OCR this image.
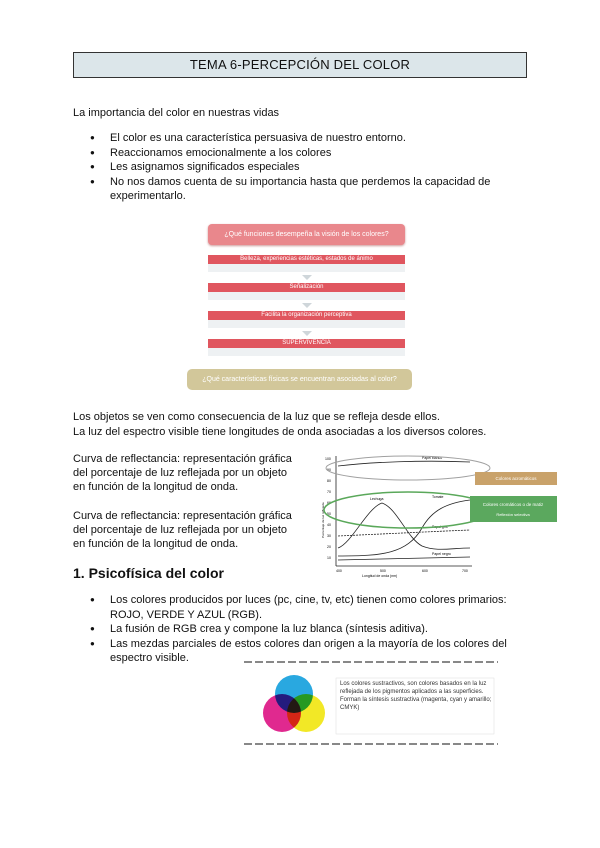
TEMA 6-PERCEPCIÓN DEL COLOR
La importancia del color en nuestras vidas
● El color es una característica persuasiva de nuestro entorno.
● Reaccionamos emocionalmente a los colores
● Les asignamos significados especiales
● No nos damos cuenta de su importancia hasta que perdemos la capacidad de experimentarlo.
¿Qué funciones desempeña la visión de los colores?
Belleza, experiencias estéticas, estados de ánimo
Señalización
Facilita la organización perceptiva
SUPERVIVENCIA
¿Qué características físicas se encuentran asociadas al color?
Los objetos se ven como consecuencia de la luz que se refleja desde ellos.
La luz del espectro visible tiene longitudes de onda asociadas a los diversos colores.
Curva de reflectancia: representación gráfica
del porcentaje de luz reflejada por un objeto
en función de la longitud de onda.
Curva de reflectancia: representación gráfica
del porcentaje de luz reflejada por un objeto
en función de la longitud de onda.
100
90
80
70
60
50
40
30
20
10
400	500	600	700
Longitud de onda (nm)
Porcentaje de luz reflejada
Papel blanco
Lechuga	Tomate
Papel gris
Papel negro
Colores acromáticos
Colores cromáticos o de matiz
Reflexión selectiva
1. Psicofísica del color
● Los colores producidos por luces (pc, cine, tv, etc) tienen como colores primarios: ROJO, VERDE Y AZUL (RGB).
● La fusión de RGB crea y compone la luz blanca (síntesis aditiva).
● Las mezdas parciales de estos colores dan origen a la mayoría de los colores del espectro visible.
Los colores sustractivos, son colores basados en la luz reflejada de los pigmentos aplicados a las superficies. Forman la síntesis sustractiva (magenta, cyan y amarillo; CMYK)
